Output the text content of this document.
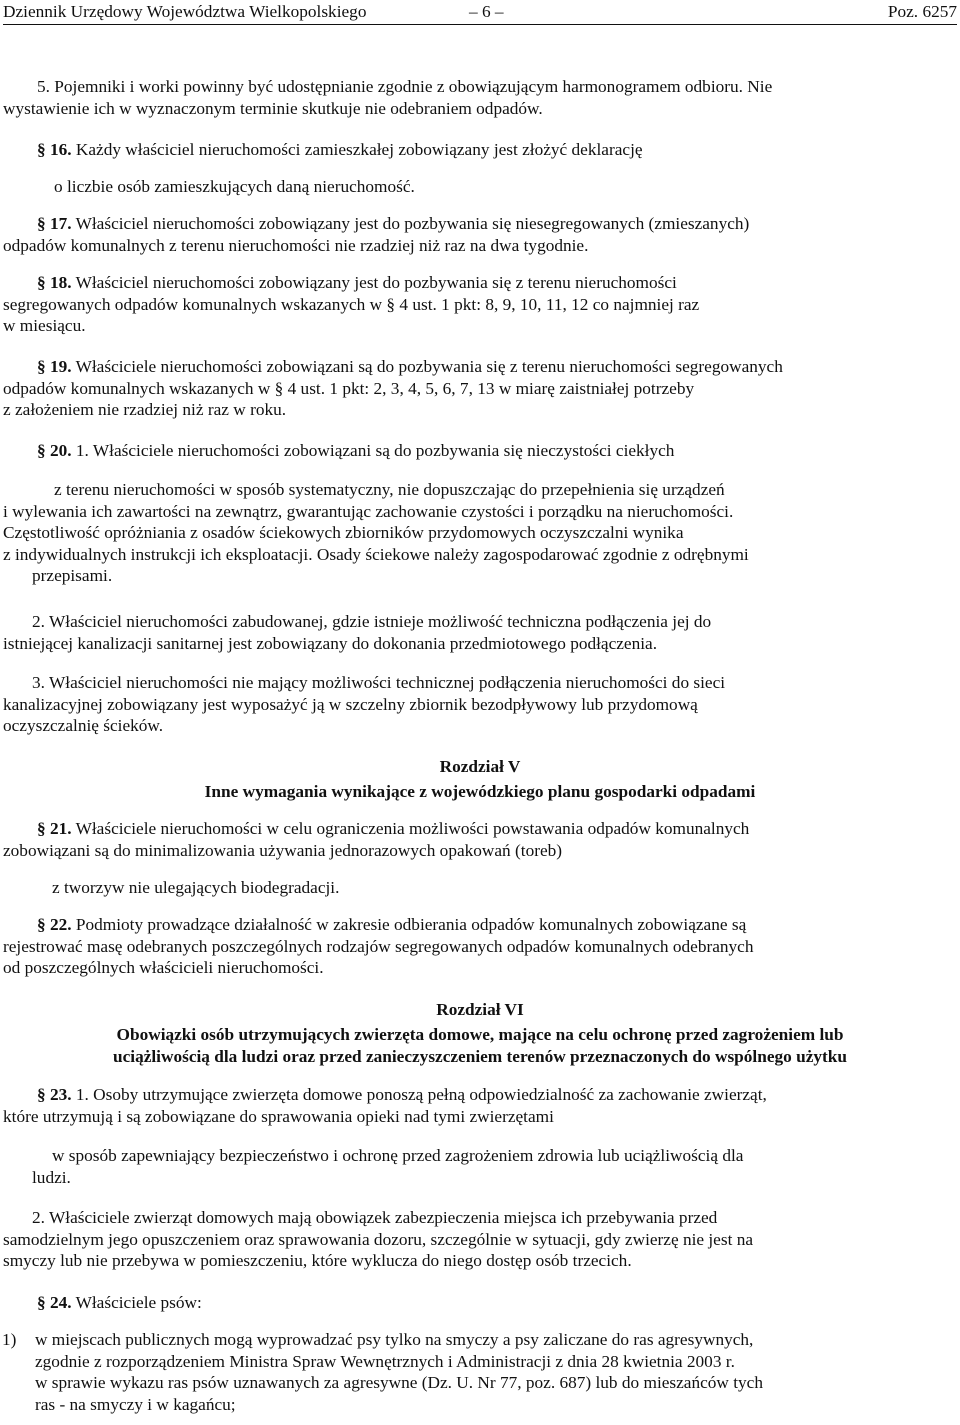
Dziennik Urzędowy Województwa Wielkopolskiego	– 6 –	Poz. 6257
5. Pojemniki i worki powinny być udostępnianie zgodnie z obowiązującym harmonogramem odbioru. Nie
wystawienie ich w wyznaczonym terminie skutkuje nie odebraniem odpadów.
§ 16. Każdy właściciel nieruchomości zamieszkałej zobowiązany jest złożyć deklarację
o liczbie osób zamieszkujących daną nieruchomość.
§ 17. Właściciel nieruchomości zobowiązany jest do pozbywania się niesegregowanych (zmieszanych)
odpadów komunalnych z terenu nieruchomości nie rzadziej niż raz na dwa tygodnie.
§ 18. Właściciel nieruchomości zobowiązany jest do pozbywania się z terenu nieruchomości
segregowanych odpadów komunalnych wskazanych w § 4 ust. 1 pkt: 8, 9, 10, 11, 12 co najmniej raz
w miesiącu.
§ 19. Właściciele nieruchomości zobowiązani są do pozbywania się z terenu nieruchomości segregowanych
odpadów komunalnych wskazanych w § 4 ust. 1 pkt: 2, 3, 4, 5, 6, 7, 13 w miarę zaistniałej potrzeby
z założeniem nie rzadziej niż raz w roku.
§ 20. 1. Właściciele nieruchomości zobowiązani są do pozbywania się nieczystości ciekłych
z terenu nieruchomości w sposób systematyczny, nie dopuszczając do przepełnienia się urządzeń
i wylewania ich zawartości na zewnątrz, gwarantując zachowanie czystości i porządku na nieruchomości.
Częstotliwość opróżniania z osadów ściekowych zbiorników przydomowych oczyszczalni wynika
z indywidualnych instrukcji ich eksploatacji. Osady ściekowe należy zagospodarować zgodnie z odrębnymi
przepisami.
2. Właściciel nieruchomości zabudowanej, gdzie istnieje możliwość techniczna podłączenia jej do
istniejącej kanalizacji sanitarnej jest zobowiązany do dokonania przedmiotowego podłączenia.
3. Właściciel nieruchomości nie mający możliwości technicznej podłączenia nieruchomości do sieci
kanalizacyjnej zobowiązany jest wyposażyć ją w szczelny zbiornik bezodpływowy lub przydomową
oczyszczalnię ścieków.
Rozdział V
Inne wymagania wynikające z wojewódzkiego planu gospodarki odpadami
§ 21. Właściciele nieruchomości w celu ograniczenia możliwości powstawania odpadów komunalnych
zobowiązani są do minimalizowania używania jednorazowych opakowań (toreb)
z tworzyw nie ulegających biodegradacji.
§ 22. Podmioty prowadzące działalność w zakresie odbierania odpadów komunalnych zobowiązane są
rejestrować masę odebranych poszczególnych rodzajów segregowanych odpadów komunalnych odebranych
od poszczególnych właścicieli nieruchomości.
Rozdział VI
Obowiązki osób utrzymujących zwierzęta domowe, mające na celu ochronę przed zagrożeniem lub
uciążliwością dla ludzi oraz przed zanieczyszczeniem terenów przeznaczonych do wspólnego użytku
§ 23. 1. Osoby utrzymujące zwierzęta domowe ponoszą pełną odpowiedzialność za zachowanie zwierząt,
które utrzymują i są zobowiązane do sprawowania opieki nad tymi zwierzętami
w sposób zapewniający bezpieczeństwo i ochronę przed zagrożeniem zdrowia lub uciążliwością dla
ludzi.
2. Właściciele zwierząt domowych mają obowiązek zabezpieczenia miejsca ich przebywania przed
samodzielnym jego opuszczeniem oraz sprawowania dozoru, szczególnie w sytuacji, gdy zwierzę nie jest na
smyczy lub nie przebywa w pomieszczeniu, które wyklucza do niego dostęp osób trzecich.
§ 24. Właściciele psów:
1) w miejscach publicznych mogą wyprowadzać psy tylko na smyczy a psy zaliczane do ras agresywnych,
zgodnie z rozporządzeniem Ministra Spraw Wewnętrznych i Administracji z dnia 28 kwietnia 2003 r.
w sprawie wykazu ras psów uznawanych za agresywne (Dz. U. Nr 77, poz. 687) lub do mieszańców tych
ras - na smyczy i w kagańcu;
